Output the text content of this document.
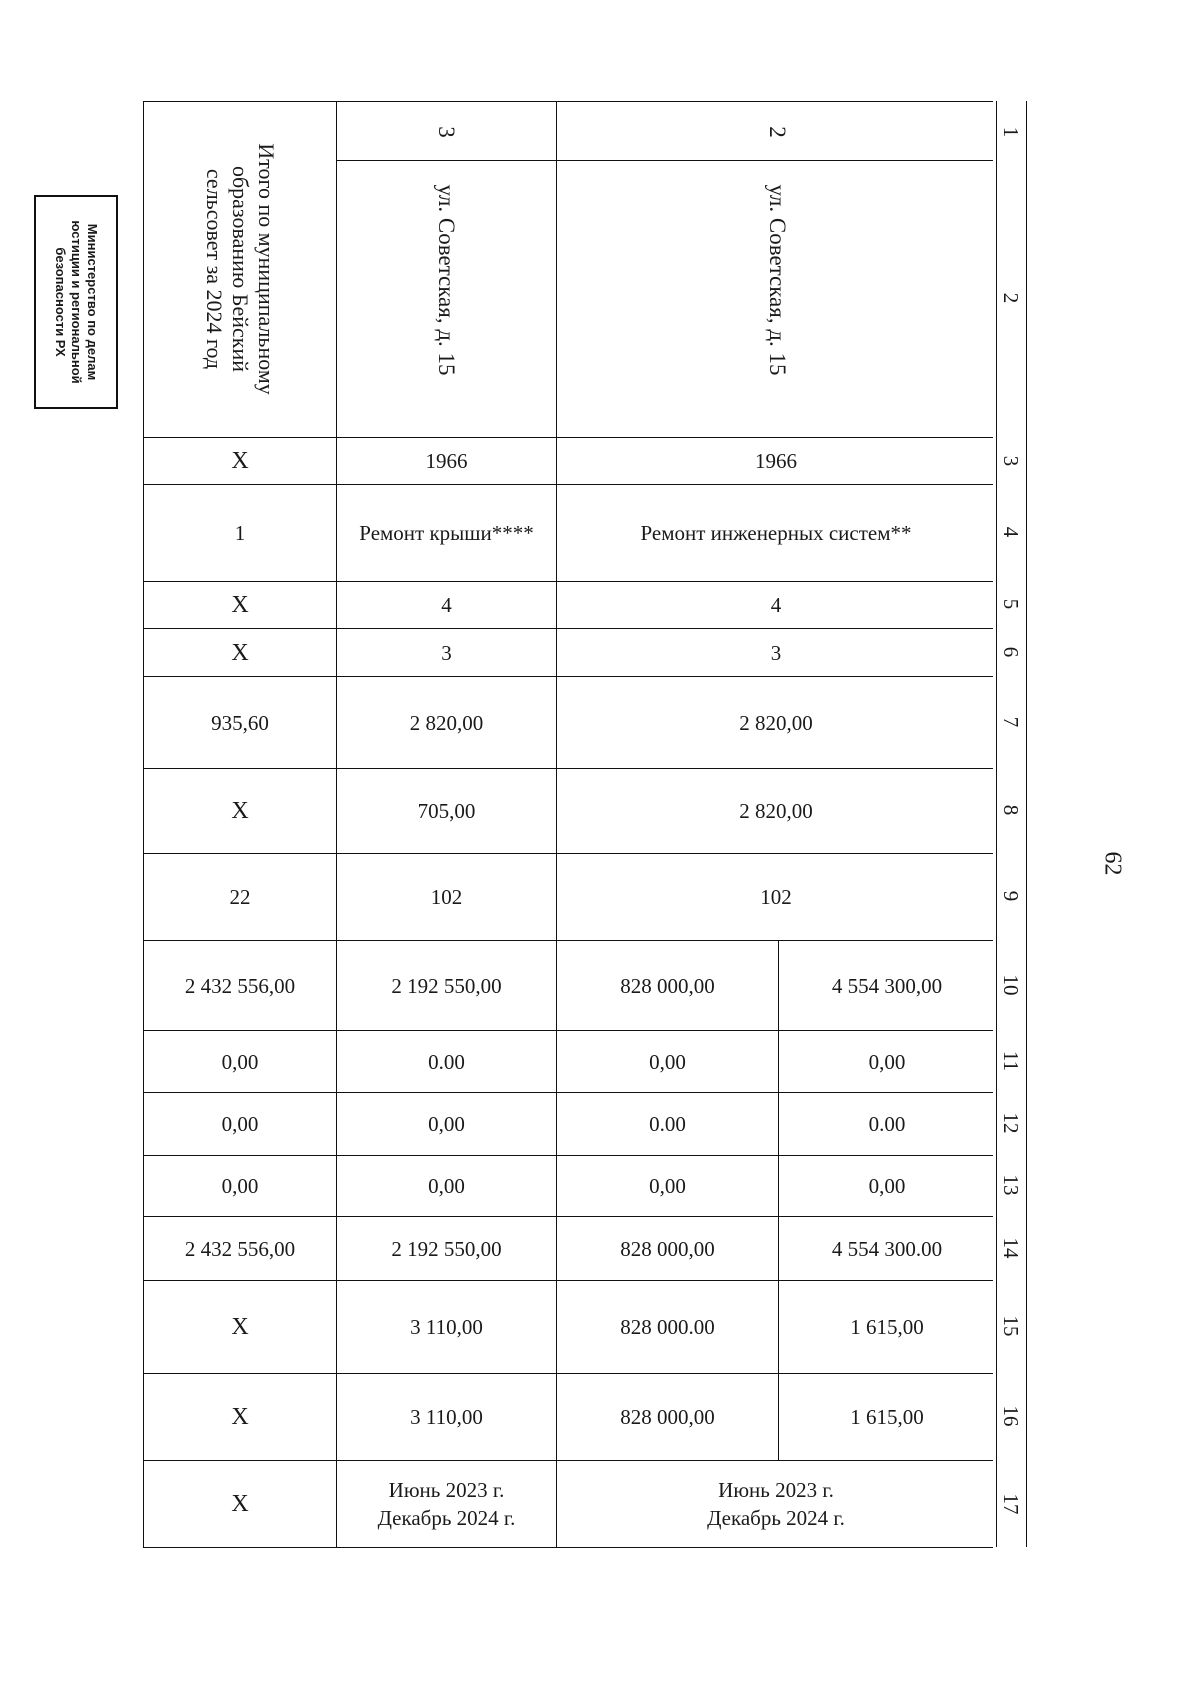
Министерство по делам
юстиции и региональной
безопасности РХ
62
1
2
3
4
5
6
7
8
9
10
11
12
13
14
15
16
17
2
3
ул. Советская, д. 15
ул. Советская, д. 15
Итого по муниципальному образованию Бейский сельсовет за 2024 год
1966
1966
X
Ремонт инженерных систем**
Ремонт крыши****
1
4
4
X
3
3
X
2 820,00
2 820,00
935,60
2 820,00
705,00
X
102
102
22
4 554 300,00
828 000,00
2 192 550,00
2 432 556,00
0,00
0,00
0.00
0,00
0.00
0.00
0,00
0,00
0,00
0,00
0,00
0,00
4 554 300.00
828 000,00
2 192 550,00
2 432 556,00
1 615,00
828 000.00
3 110,00
X
1 615,00
828 000,00
3 110,00
X
Июнь 2023 г.
Декабрь 2024 г.
Июнь 2023 г.
Декабрь 2024 г.
X
